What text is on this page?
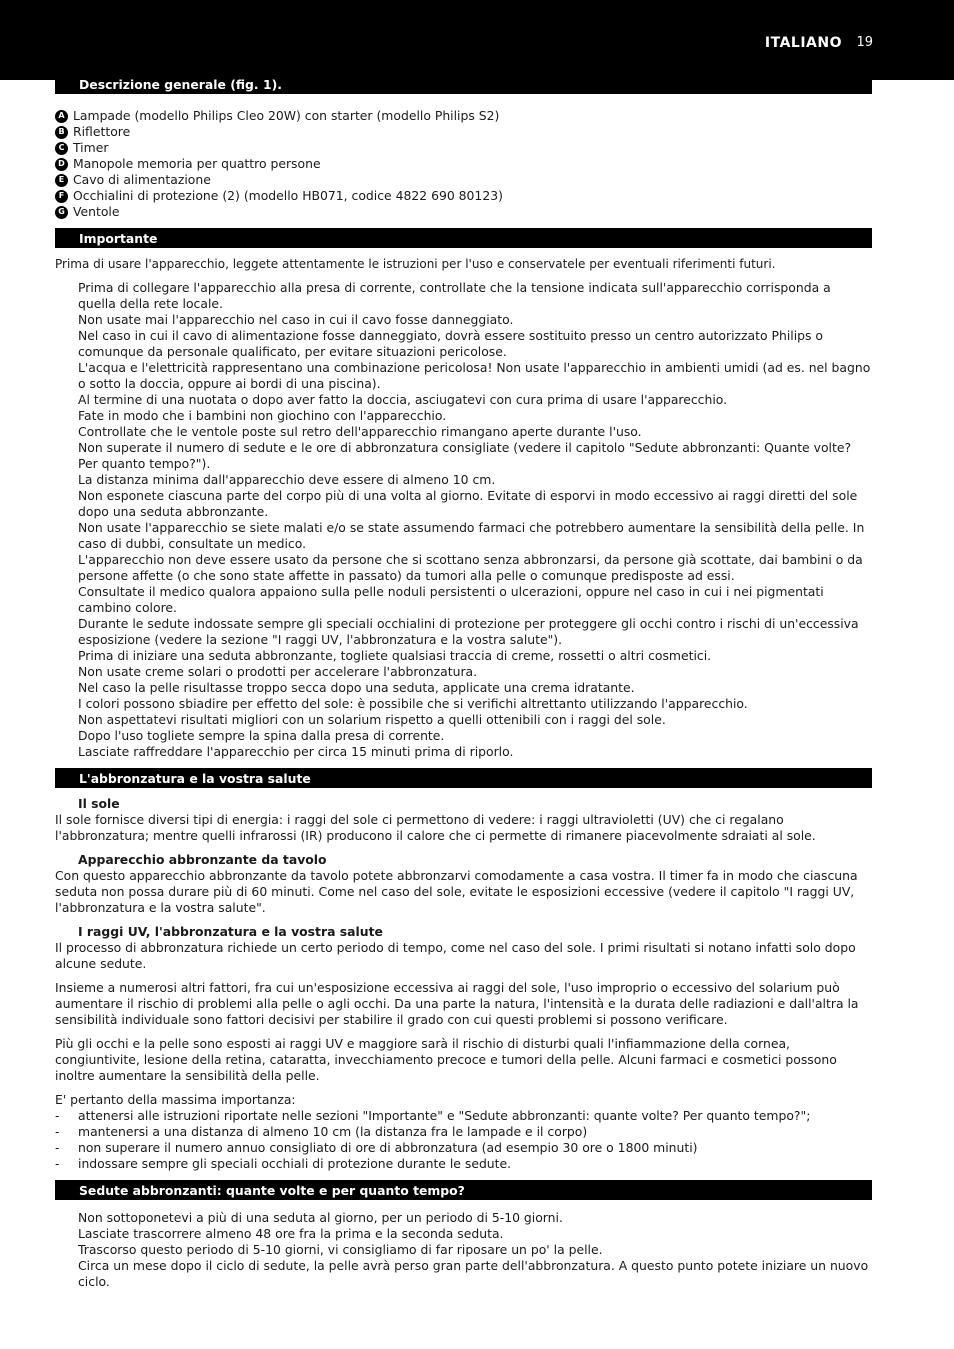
ITALIANO 19
Descrizione generale (fig. 1).
A Lampade (modello Philips Cleo 20W) con starter (modello Philips S2)
B Riflettore
C Timer
D Manopole memoria per quattro persone
E Cavo di alimentazione
F Occhialini di protezione (2) (modello HB071, codice 4822 690 80123)
G Ventole
Importante

Prima di usare l'apparecchio, leggete attentamente le istruzioni per l'uso e conservatele per eventuali riferimenti futuri.

Prima di collegare l'apparecchio alla presa di corrente, controllate che la tensione indicata sull'apparecchio corrisponda a quella della rete locale.

Non usate mai l'apparecchio nel caso in cui il cavo fosse danneggiato.

Nel caso in cui il cavo di alimentazione fosse danneggiato, dovrà essere sostituito presso un centro autorizzato Philips o comunque da personale qualificato, per evitare situazioni pericolose.

L'acqua e l'elettricità rappresentano una combinazione pericolosa! Non usate l'apparecchio in ambienti umidi (ad es. nel bagno o sotto la doccia, oppure ai bordi di una piscina).

Al termine di una nuotata o dopo aver fatto la doccia, asciugatevi con cura prima di usare l'apparecchio.

Fate in modo che i bambini non giochino con l'apparecchio.

Controllate che le ventole poste sul retro dell'apparecchio rimangano aperte durante l'uso.

Non superate il numero di sedute e le ore di abbronzatura consigliate (vedere il capitolo "Sedute abbronzanti: Quante volte? Per quanto tempo?").

La distanza minima dall'apparecchio deve essere di almeno 10 cm.

Non esponete ciascuna parte del corpo più di una volta al giorno. Evitate di esporvi in modo eccessivo ai raggi diretti del sole dopo una seduta abbronzante.

Non usate l'apparecchio se siete malati e/o se state assumendo farmaci che potrebbero aumentare la sensibilità della pelle. In caso di dubbi, consultate un medico.

L'apparecchio non deve essere usato da persone che si scottano senza abbronzarsi, da persone già scottate, dai bambini o da persone affette (o che sono state affette in passato) da tumori alla pelle o comunque predisposte ad essi.

Consultate il medico qualora appaiono sulla pelle noduli persistenti o ulcerazioni, oppure nel caso in cui i nei pigmentati cambino colore.

Durante le sedute indossate sempre gli speciali occhialini di protezione per proteggere gli occhi contro i rischi di un'eccessiva esposizione (vedere la sezione "I raggi UV, l'abbronzatura e la vostra salute").

Prima di iniziare una seduta abbronzante, togliete qualsiasi traccia di creme, rossetti o altri cosmetici.

Non usate creme solari o prodotti per accelerare l'abbronzatura.

Nel caso la pelle risultasse troppo secca dopo una seduta, applicate una crema idratante.

I colori possono sbiadire per effetto del sole: è possibile che si verifichi altrettanto utilizzando l'apparecchio.

Non aspettatevi risultati migliori con un solarium rispetto a quelli ottenibili con i raggi del sole.

Dopo l'uso togliete sempre la spina dalla presa di corrente.

Lasciate raffreddare l'apparecchio per circa 15 minuti prima di riporlo.

L'abbronzatura e la vostra salute

Il sole

Il sole fornisce diversi tipi di energia: i raggi del sole ci permettono di vedere: i raggi ultravioletti (UV) che ci regalano l'abbronzatura; mentre quelli infrarossi (IR) producono il calore che ci permette di rimanere piacevolmente sdraiati al sole.

Apparecchio abbronzante da tavolo

Con questo apparecchio abbronzante da tavolo potete abbronzarvi comodamente a casa vostra. Il timer fa in modo che ciascuna seduta non possa durare più di 60 minuti. Come nel caso del sole, evitate le esposizioni eccessive (vedere il capitolo "I raggi UV, l'abbronzatura e la vostra salute".

I raggi UV, l'abbronzatura e la vostra salute

Il processo di abbronzatura richiede un certo periodo di tempo, come nel caso del sole. I primi risultati si notano infatti solo dopo alcune sedute.

Insieme a numerosi altri fattori, fra cui un'esposizione eccessiva ai raggi del sole, l'uso improprio o eccessivo del solarium può aumentare il rischio di problemi alla pelle o agli occhi. Da una parte la natura, l'intensità e la durata delle radiazioni e dall'altra la sensibilità individuale sono fattori decisivi per stabilire il grado con cui questi problemi si possono verificare.

Più gli occhi e la pelle sono esposti ai raggi UV e maggiore sarà il rischio di disturbi quali l'infiammazione della cornea, congiuntivite, lesione della retina, cataratta, invecchiamento precoce e tumori della pelle. Alcuni farmaci e cosmetici possono inoltre aumentare la sensibilità della pelle.

E' pertanto della massima importanza:

-	attenersi alle istruzioni riportate nelle sezioni "Importante" e "Sedute abbronzanti: quante volte? Per quanto tempo?";
-	mantenersi a una distanza di almeno 10 cm (la distanza fra le lampade e il corpo)
-	non superare il numero annuo consigliato di ore di abbronzatura (ad esempio 30 ore o 1800 minuti)
-	indossare sempre gli speciali occhiali di protezione durante le sedute.
Sedute abbronzanti: quante volte e per quanto tempo?

Non sottoponetevi a più di una seduta al giorno, per un periodo di 5-10 giorni.

Lasciate trascorrere almeno 48 ore fra la prima e la seconda seduta.

Trascorso questo periodo di 5-10 giorni, vi consigliamo di far riposare un po' la pelle.

Circa un mese dopo il ciclo di sedute, la pelle avrà perso gran parte dell'abbronzatura. A questo punto potete iniziare un nuovo ciclo.
